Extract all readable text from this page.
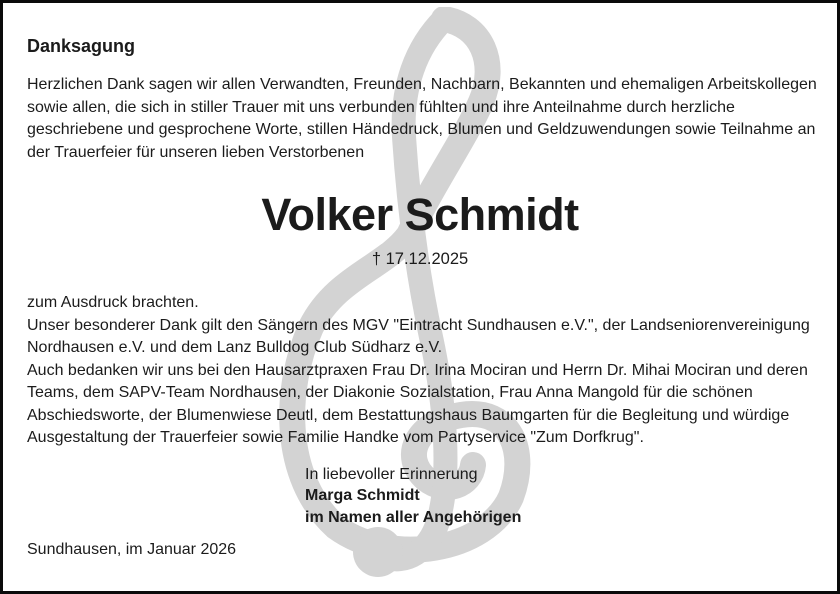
Danksagung
Herzlichen Dank sagen wir allen Verwandten, Freunden, Nachbarn, Bekannten und ehemaligen Arbeitskollegen
sowie allen, die sich in stiller Trauer mit uns verbunden fühlten und ihre Anteilnahme durch herzliche
geschriebene und gesprochene Worte, stillen Händedruck, Blumen und Geldzuwendungen sowie Teilnahme an
der Trauerfeier für unseren lieben Verstorbenen
Volker Schmidt
† 17.12.2025
zum Ausdruck brachten.
Unser besonderer Dank gilt den Sängern des MGV "Eintracht Sundhausen e.V.", der Landseniorenvereinigung
Nordhausen e.V. und dem Lanz Bulldog Club Südharz e.V.
Auch bedanken wir uns bei den Hausarztpraxen Frau Dr. Irina Mociran und Herrn Dr. Mihai Mociran und deren
Teams, dem SAPV-Team Nordhausen, der Diakonie Sozialstation, Frau Anna Mangold für die schönen
Abschiedsworte, der Blumenwiese Deutl, dem Bestattungshaus Baumgarten für die Begleitung und würdige
Ausgestaltung der Trauerfeier sowie Familie Handke vom Partyservice "Zum Dorfkrug".
In liebevoller Erinnerung
Marga Schmidt
im Namen aller Angehörigen
Sundhausen, im Januar 2026
